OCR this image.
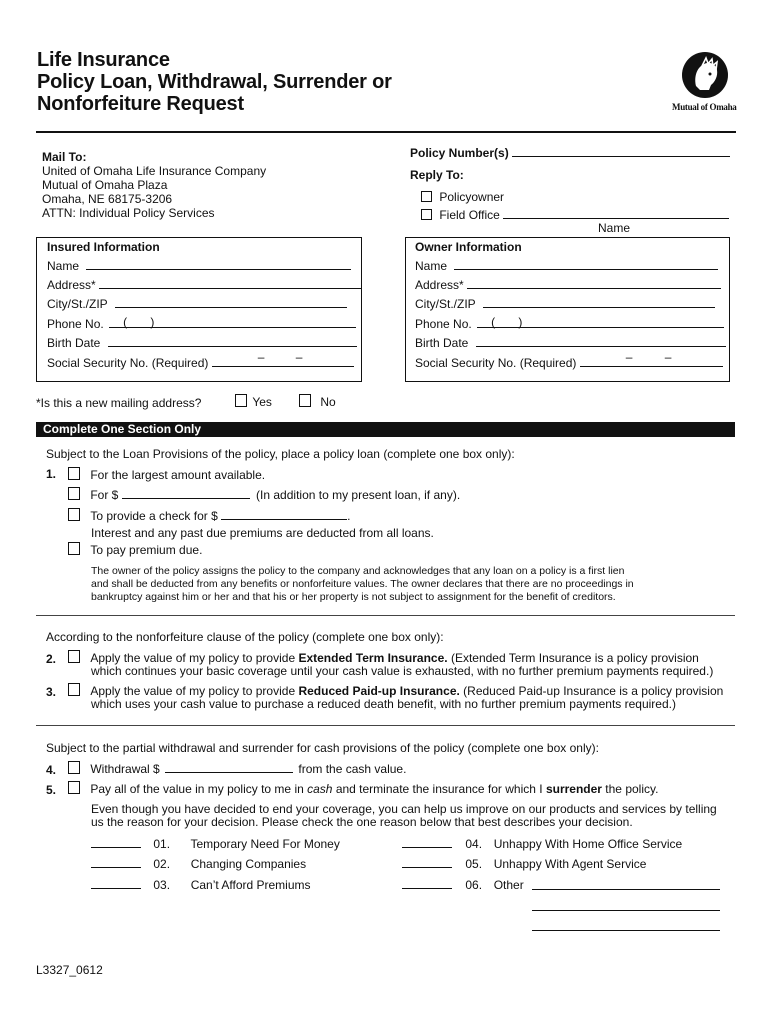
Life Insurance
Policy Loan, Withdrawal, Surrender or
Nonforfeiture Request	Mutual of Omaha
Mail To:
United of Omaha Life Insurance Company
Mutual of Omaha Plaza
Omaha, NE 68175-3206
ATTN: Individual Policy Services
Policy Number(s)
Reply To:
Policyowner
Field Office
Name
Insured Information
Name
Address*
City/St./ZIP
Phone No. (       )
Birth Date
Social Security No. (Required)	–	–
Owner Information
Name
Address*
City/St./ZIP
Phone No. (       )
Birth Date
Social Security No. (Required)	–	–
*Is this a new mailing address?	Yes	No
Complete One Section Only
Subject to the Loan Provisions of the policy, place a policy loan (complete one box only):
1.	For the largest amount available.
For $	(In addition to my present loan, if any).
To provide a check for $	.
Interest and any past due premiums are deducted from all loans.
To pay premium due.
The owner of the policy assigns the policy to the company and acknowledges that any loan on a policy is a first lien
and shall be deducted from any benefits or nonforfeiture values. The owner declares that there are no proceedings in
bankruptcy against him or her and that his or her property is not subject to assignment for the benefit of creditors.
According to the nonforfeiture clause of the policy (complete one box only):
2.	Apply the value of my policy to provide Extended Term Insurance. (Extended Term Insurance is a policy provision
which continues your basic coverage until your cash value is exhausted, with no further premium payments required.)
3.	Apply the value of my policy to provide Reduced Paid-up Insurance. (Reduced Paid-up Insurance is a policy provision
which uses your cash value to purchase a reduced death benefit, with no further premium payments required.)
Subject to the partial withdrawal and surrender for cash provisions of the policy (complete one box only):
4.	Withdrawal $	from the cash value.
5.	Pay all of the value in my policy to me in cash and terminate the insurance for which I surrender the policy.
Even though you have decided to end your coverage, you can help us improve on our products and services by telling
us the reason for your decision. Please check the one reason below that best describes your decision.
01. Temporary Need For Money
02. Changing Companies
03. Can’t Afford Premiums
04. Unhappy With Home Office Service
05. Unhappy With Agent Service
06. Other
L3327_0612
